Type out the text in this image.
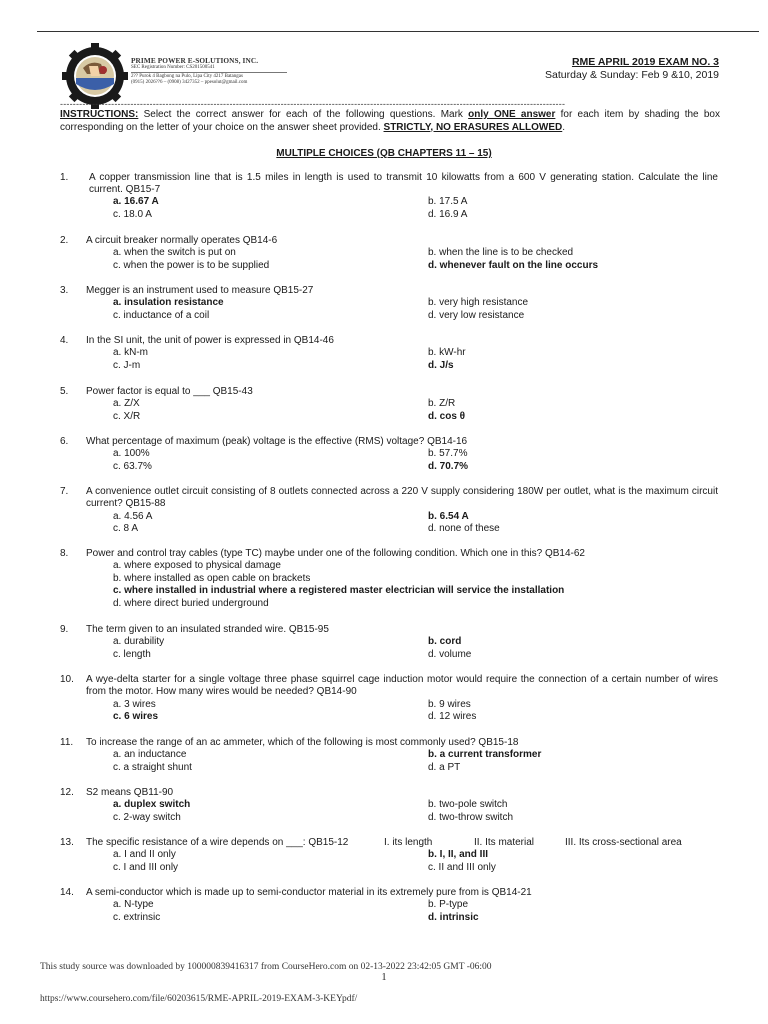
PRIME POWER E-SOLUTIONS, INC.
SEC Registration Number: CS201500541
2?? Purok 4 Bagbong na Pulo, Lipa City 4217 Batangas
(0915) 2026??6 – (0908) 3427352 – ppesolut@gmail.com
RME APRIL 2019 EXAM NO. 3
Saturday & Sunday: Feb 9 &10, 2019
--------------------------------------------------------------------------------------------------------------------------------------------------------------
INSTRUCTIONS: Select the correct answer for each of the following questions. Mark only ONE answer for each item by shading the box corresponding on the letter of your choice on the answer sheet provided. STRICTLY, NO ERASURES ALLOWED.
MULTIPLE CHOICES (QB CHAPTERS 11 – 15)
1. A copper transmission line that is 1.5 miles in length is used to transmit 10 kilowatts from a 600 V generating station. Calculate the line current. QB15-7
a. 16.67 A	b. 17.5 A
c. 18.0 A	d. 16.9 A
2. A circuit breaker normally operates QB14-6
a. when the switch is put on	b. when the line is to be checked
c. when the power is to be supplied	d. whenever fault on the line occurs
3. Megger is an instrument used to measure QB15-27
a. insulation resistance	b. very high resistance
c. inductance of a coil	d. very low resistance
4. In the SI unit, the unit of power is expressed in QB14-46
a. kN-m	b. kW-hr
c. J-m	d. J/s
5. Power factor is equal to ___ QB15-43
a. Z/X	b. Z/R
c. X/R	d. cos θ
6. What percentage of maximum (peak) voltage is the effective (RMS) voltage? QB14-16
a. 100%	b. 57.7%
c. 63.7%	d. 70.7%
7. A convenience outlet circuit consisting of 8 outlets connected across a 220 V supply considering 180W per outlet, what is the maximum circuit current? QB15-88
a. 4.56 A	b. 6.54 A
c. 8 A	d. none of these
8. Power and control tray cables (type TC) maybe under one of the following condition. Which one in this? QB14-62
a. where exposed to physical damage
b. where installed as open cable on brackets
c. where installed in industrial where a registered master electrician will service the installation
d. where direct buried underground
9. The term given to an insulated stranded wire. QB15-95
a. durability	b. cord
c. length	d. volume
10. A wye-delta starter for a single voltage three phase squirrel cage induction motor would require the connection of a certain number of wires from the motor. How many wires would be needed? QB14-90
a. 3 wires	b. 9 wires
c. 6 wires	d. 12 wires
11. To increase the range of an ac ammeter, which of the following is most commonly used? QB15-18
a. an inductance	b. a current transformer
c. a straight shunt	d. a PT
12. S2 means QB11-90
a. duplex switch	b. two-pole switch
c. 2-way switch	d. two-throw switch
13. The specific resistance of a wire depends on ___: QB15-12	I. its length	II. Its material	III. Its cross-sectional area
a. I and II only	b. I, II, and III
c. I and III only	c. II and III only
14. A semi-conductor which is made up to semi-conductor material in its extremely pure from is QB14-21
a. N-type	b. P-type
c. extrinsic	d. intrinsic
This study source was downloaded by 100000839416317 from CourseHero.com on 02-13-2022 23:42:05 GMT -06:00
1
https://www.coursehero.com/file/60203615/RME-APRIL-2019-EXAM-3-KEYpdf/
